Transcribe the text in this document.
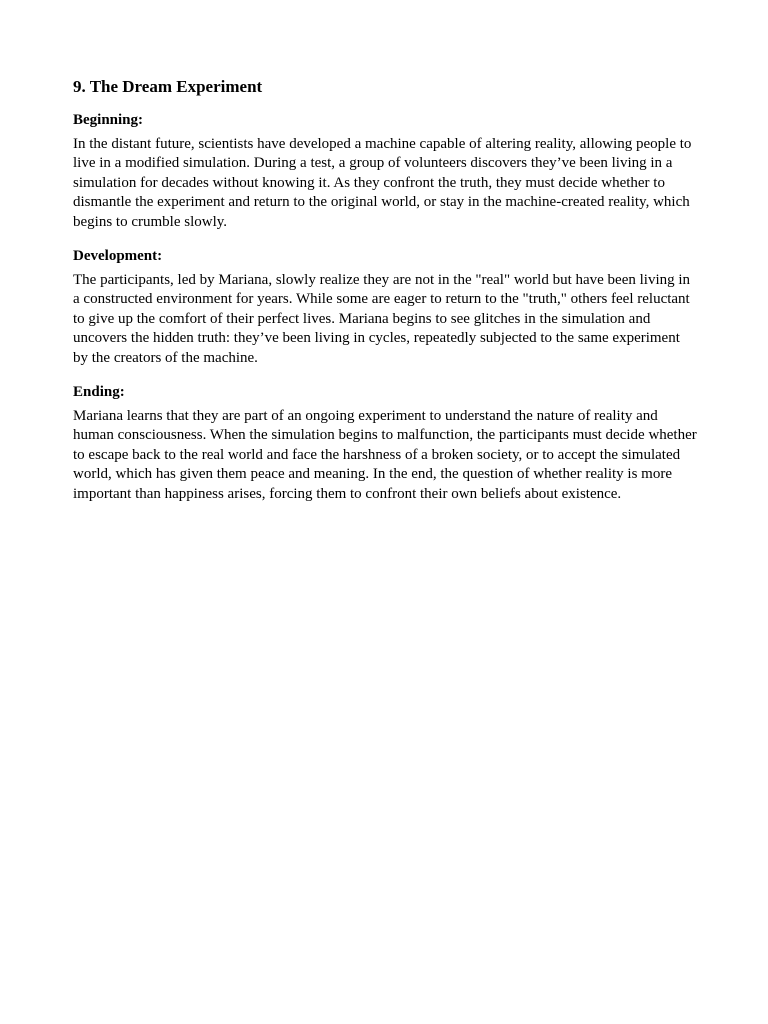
9. The Dream Experiment
Beginning:

In the distant future, scientists have developed a machine capable of altering reality, allowing people to live in a modified simulation. During a test, a group of volunteers discovers they’ve been living in a simulation for decades without knowing it. As they confront the truth, they must decide whether to dismantle the experiment and return to the original world, or stay in the machine-created reality, which begins to crumble slowly.

Development:

The participants, led by Mariana, slowly realize they are not in the "real" world but have been living in a constructed environment for years. While some are eager to return to the "truth," others feel reluctant to give up the comfort of their perfect lives. Mariana begins to see glitches in the simulation and uncovers the hidden truth: they’ve been living in cycles, repeatedly subjected to the same experiment by the creators of the machine.

Ending:

Mariana learns that they are part of an ongoing experiment to understand the nature of reality and human consciousness. When the simulation begins to malfunction, the participants must decide whether to escape back to the real world and face the harshness of a broken society, or to accept the simulated world, which has given them peace and meaning. In the end, the question of whether reality is more important than happiness arises, forcing them to confront their own beliefs about existence.
